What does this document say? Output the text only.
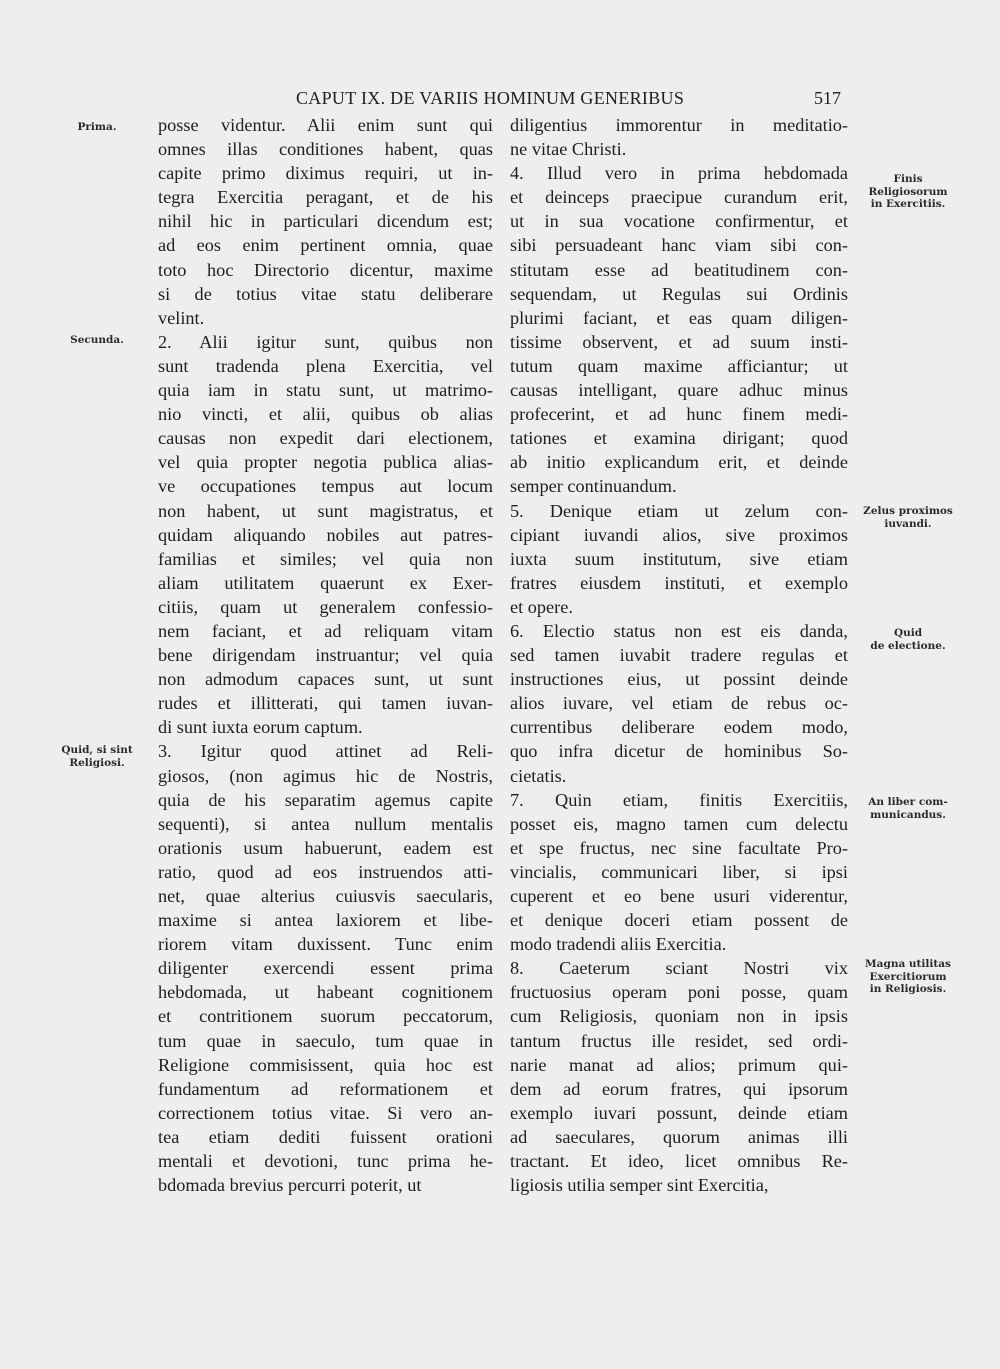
CAPUT IX. DE VARIIS HOMINUM GENERIBUS	517
posse videntur. Alii enim sunt qui
omnes illas conditiones habent, quas
capite primo diximus requiri, ut in-
tegra Exercitia peragant, et de his
nihil hic in particulari dicendum est;
ad eos enim pertinent omnia, quae
toto hoc Directorio dicentur, maxime
si de totius vitae statu deliberare
velint.
2. Alii igitur sunt, quibus non
sunt tradenda plena Exercitia, vel
quia iam in statu sunt, ut matrimo-
nio vincti, et alii, quibus ob alias
causas non expedit dari electionem,
vel quia propter negotia publica alias-
ve occupationes tempus aut locum
non habent, ut sunt magistratus, et
quidam aliquando nobiles aut patres-
familias et similes; vel quia non
aliam utilitatem quaerunt ex Exer-
citiis, quam ut generalem confessio-
nem faciant, et ad reliquam vitam
bene dirigendam instruantur; vel quia
non admodum capaces sunt, ut sunt
rudes et illitterati, qui tamen iuvan-
di sunt iuxta eorum captum.
3. Igitur quod attinet ad Reli-
giosos, (non agimus hic de Nostris,
quia de his separatim agemus capite
sequenti), si antea nullum mentalis
orationis usum habuerunt, eadem est
ratio, quod ad eos instruendos atti-
net, quae alterius cuiusvis saecularis,
maxime si antea laxiorem et libe-
riorem vitam duxissent. Tunc enim
diligenter exercendi essent prima
hebdomada, ut habeant cognitionem
et contritionem suorum peccatorum,
tum quae in saeculo, tum quae in
Religione commisissent, quia hoc est
fundamentum ad reformationem et
correctionem totius vitae. Si vero an-
tea etiam dediti fuissent orationi
mentali et devotioni, tunc prima he-
bdomada brevius percurri poterit, ut
diligentius immorentur in meditatio-
ne vitae Christi.
4. Illud vero in prima hebdomada
et deinceps praecipue curandum erit,
ut in sua vocatione confirmentur, et
sibi persuadeant hanc viam sibi con-
stitutam esse ad beatitudinem con-
sequendam, ut Regulas sui Ordinis
plurimi faciant, et eas quam diligen-
tissime observent, et ad suum insti-
tutum quam maxime afficiantur; ut
causas intelligant, quare adhuc minus
profecerint, et ad hunc finem medi-
tationes et examina dirigant; quod
ab initio explicandum erit, et deinde
semper continuandum.
5. Denique etiam ut zelum con-
cipiant iuvandi alios, sive proximos
iuxta suum institutum, sive etiam
fratres eiusdem instituti, et exemplo
et opere.
6. Electio status non est eis danda,
sed tamen iuvabit tradere regulas et
instructiones eius, ut possint deinde
alios iuvare, vel etiam de rebus oc-
currentibus deliberare eodem modo,
quo infra dicetur de hominibus So-
cietatis.
7. Quin etiam, finitis Exercitiis,
posset eis, magno tamen cum delectu
et spe fructus, nec sine facultate Pro-
vincialis, communicari liber, si ipsi
cuperent et eo bene usuri viderentur,
et denique doceri etiam possent de
modo tradendi aliis Exercitia.
8. Caeterum sciant Nostri vix
fructuosius operam poni posse, quam
cum Religiosis, quoniam non in ipsis
tantum fructus ille residet, sed ordi-
narie manat ad alios; primum qui-
dem ad eorum fratres, qui ipsorum
exemplo iuvari possunt, deinde etiam
ad saeculares, quorum animas illi
tractant. Et ideo, licet omnibus Re-
ligiosis utilia semper sint Exercitia,
Prima.
Secunda.
Quid, si sint
Religiosi.
Finis
Religiosorum
in Exercitiis.
Zelus proximos
iuvandi.
Quid
de electione.
An liber com-
municandus.
Magna utilitas
Exercitiorum
in Religiosis.
